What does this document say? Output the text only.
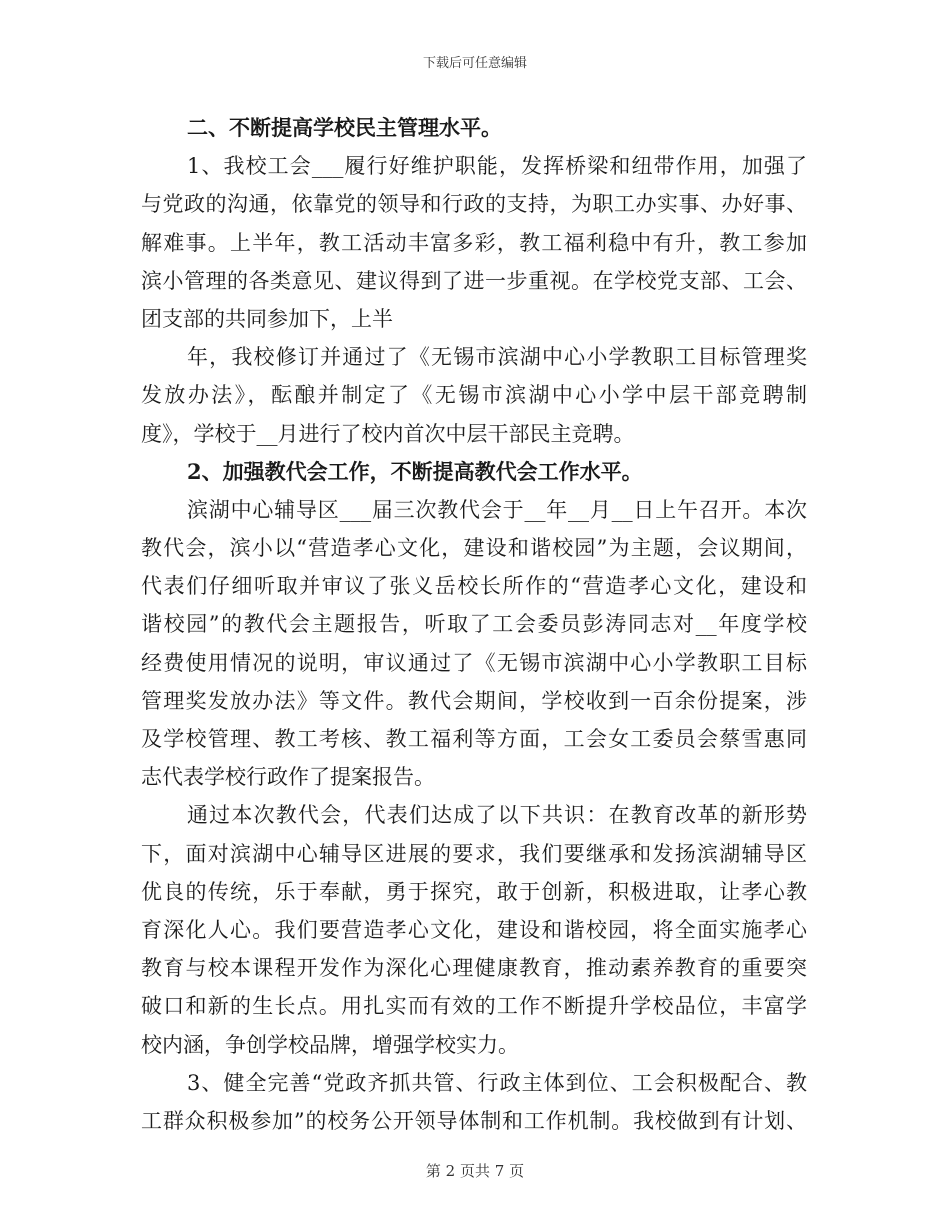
下载后可任意编辑
二、不断提高学校民主管理水平。
1、我校工会___履行好维护职能，发挥桥梁和纽带作用，加强了
与党政的沟通，依靠党的领导和行政的支持，为职工办实事、办好事、
解难事。上半年，教工活动丰富多彩，教工福利稳中有升，教工参加
滨小管理的各类意见、建议得到了进一步重视。在学校党支部、工会、
团支部的共同参加下，上半
年，我校修订并通过了《无锡市滨湖中心小学教职工目标管理奖
发放办法》，酝酿并制定了《无锡市滨湖中心小学中层干部竞聘制
度》，学校于__月进行了校内首次中层干部民主竞聘。
2、加强教代会工作，不断提高教代会工作水平。
滨湖中心辅导区___届三次教代会于__年__月__日上午召开。本次
教代会，滨小以“营造孝心文化，建设和谐校园”为主题，会议期间，
代表们仔细听取并审议了张义岳校长所作的“营造孝心文化，建设和
谐校园”的教代会主题报告，听取了工会委员彭涛同志对__年度学校
经费使用情况的说明，审议通过了《无锡市滨湖中心小学教职工目标
管理奖发放办法》等文件。教代会期间，学校收到一百余份提案，涉
及学校管理、教工考核、教工福利等方面，工会女工委员会蔡雪惠同
志代表学校行政作了提案报告。
通过本次教代会，代表们达成了以下共识：在教育改革的新形势
下，面对滨湖中心辅导区进展的要求，我们要继承和发扬滨湖辅导区
优良的传统，乐于奉献，勇于探究，敢于创新，积极进取，让孝心教
育深化人心。我们要营造孝心文化，建设和谐校园，将全面实施孝心
教育与校本课程开发作为深化心理健康教育，推动素养教育的重要突
破口和新的生长点。用扎实而有效的工作不断提升学校品位，丰富学
校内涵，争创学校品牌，增强学校实力。
3、健全完善“党政齐抓共管、行政主体到位、工会积极配合、教
工群众积极参加”的校务公开领导体制和工作机制。我校做到有计划、
第 2 页共 7 页
